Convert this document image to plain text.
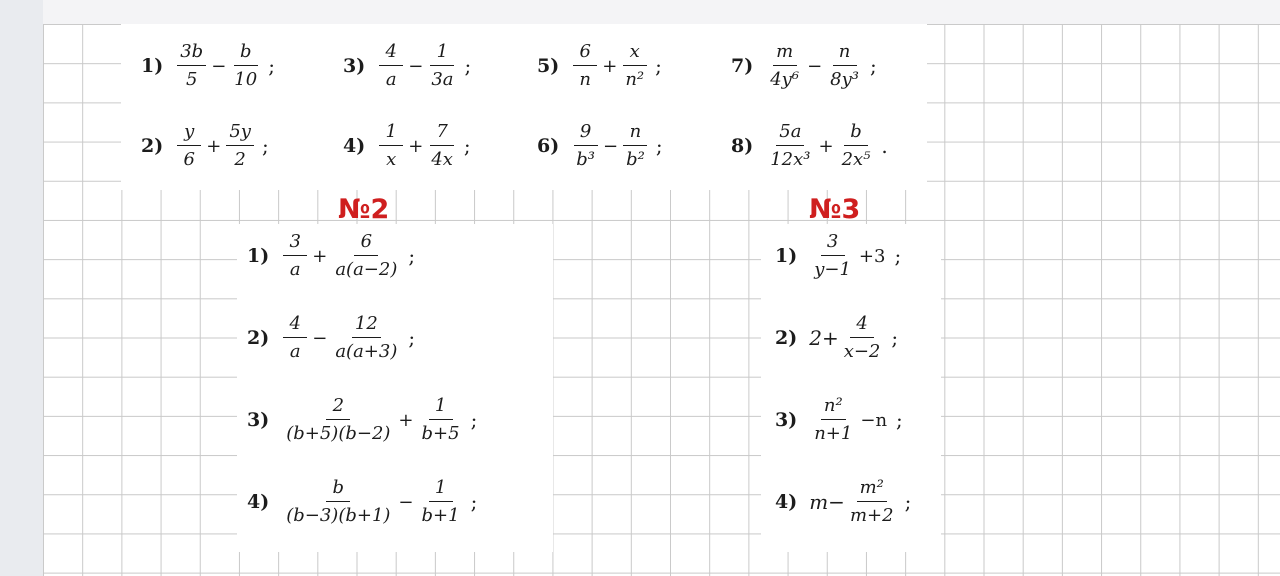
№2	№3
$1) \frac{3b}{5} - \frac{b}{10}$ ;	$3) \frac{4}{a} - \frac{1}{3a}$ ;	$5) \frac{6}{n} + \frac{x}{\text{n²}}$ ;	$7) \frac{m}{\text{4y⁶}} - \frac{n}{\text{8y³}}$ ;
$2) \frac{y}{6} + \frac{5y}{2}$ ;	$4) \frac{1}{x} + \frac{7}{4x}$ ;	$6) \frac{9}{\text{b³}} - \frac{n}{\text{b²}}$ ;	$8) \frac{5a}{\text{12x³}} + \frac{b}{\text{2x⁵}}$ .
$1) \frac{3}{a} + \frac{6}{a(a-2)}$ ;
$2) \frac{4}{a} - \frac{12}{a(a+3)}$ ;
$3) \frac{2}{(b+5)(b-2)} + \frac{1}{b+5}$ ;
$4) \frac{b}{(b-3)(b+1)} - \frac{1}{b+1}$ ;
$1) \frac{3}{y-1} +3$ ;
2) $2+ \frac{4}{x-2}$ ;
$3) \frac{\text{n²}}{n+1} -n$ ;
4) $m- \frac{\text{m²}}{m+2}$ ;
